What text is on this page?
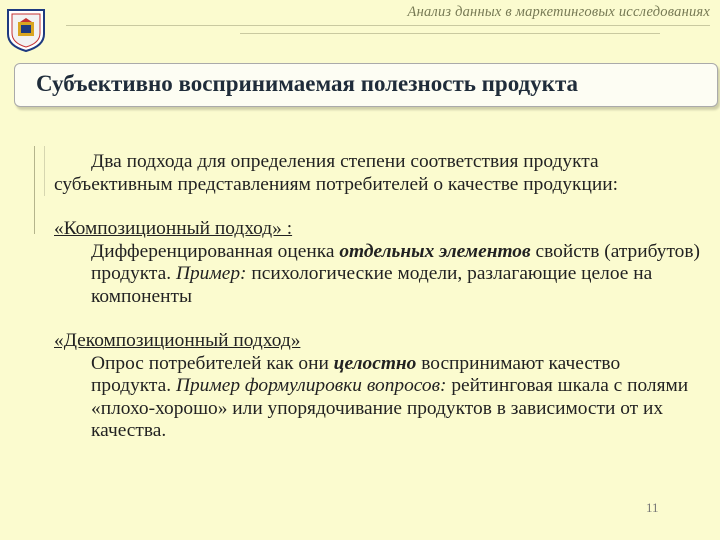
Анализ данных в маркетинговых исследованиях
Субъективно воспринимаемая полезность продукта

Два подхода для определения степени соответствия продукта субъективным представлениям потребителей о качестве продукции:

«Композиционный подход» :
Дифференцированная оценка отдельных элементов свойств (атрибутов) продукта. Пример: психологические модели, разлагающие целое на компоненты
«Декомпозиционный подход»
Опрос потребителей как они целостно воспринимают качество продукта. Пример формулировки вопросов: рейтинговая шкала с полями «плохо-хорошо» или упорядочивание продуктов в зависимости от их качества.
11
